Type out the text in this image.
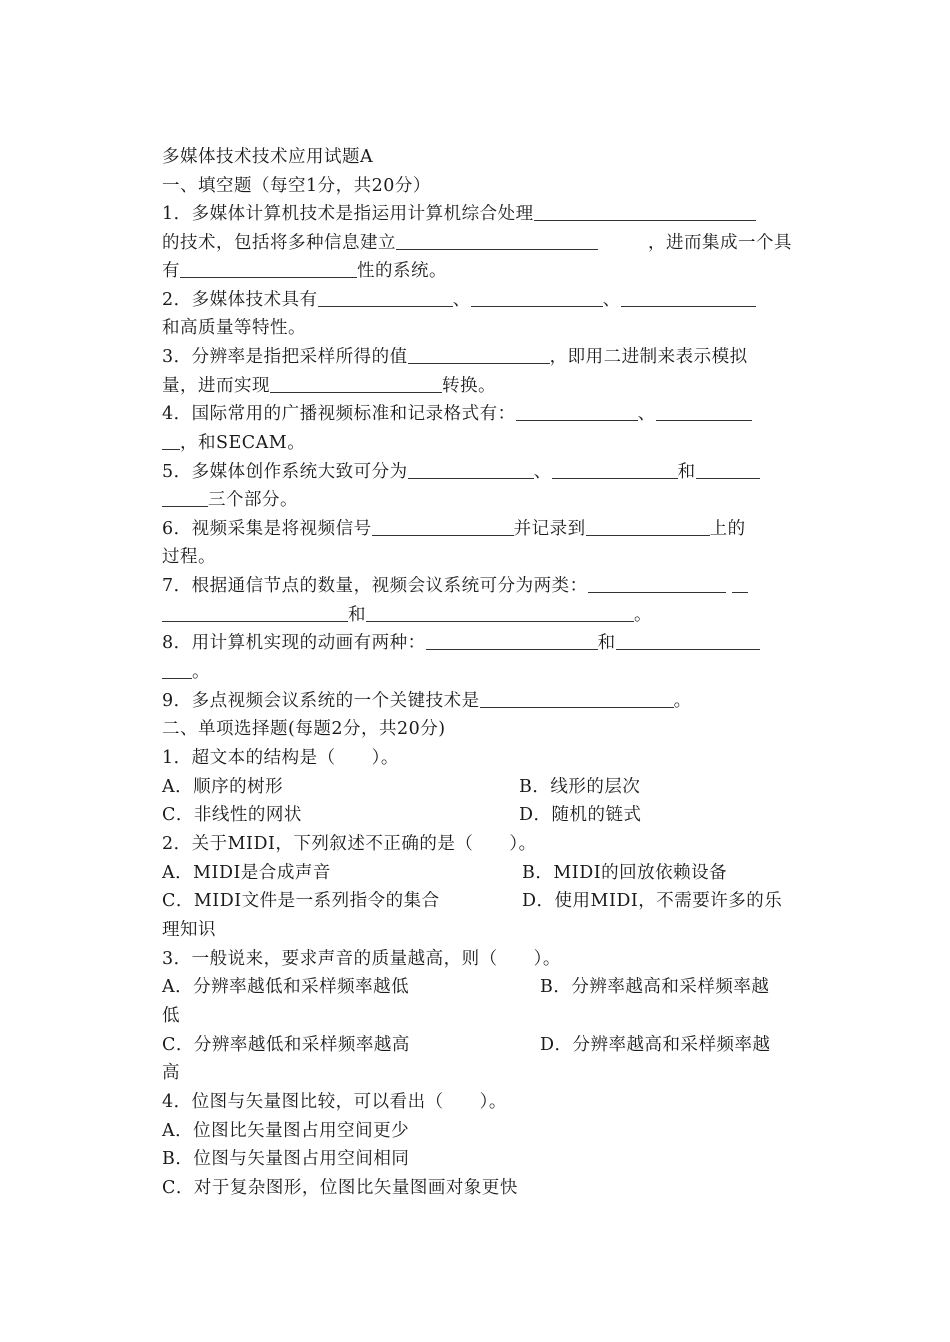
多媒体技术技术应用试题A
一、填空题（每空1分，共20分）
1．多媒体计算机技术是指运用计算机综合处理
的技术，包括将多种信息建立	，进而集成一个具
有	性的系统。
2．多媒体技术具有	、	、
和高质量等特性。
3．分辨率是指把采样所得的值	，即用二进制来表示模拟
量，进而实现	转换。
4．国际常用的广播视频标准和记录格式有：	、
，和SECAM。
5．多媒体创作系统大致可分为	、	和
三个部分。
6．视频采集是将视频信号	并记录到	上的
过程。
7．根据通信节点的数量，视频会议系统可分为两类：
和	。
8．用计算机实现的动画有两种：	和
。
9．多点视频会议系统的一个关键技术是	。
二、单项选择题(每题2分，共20分)
1．超文本的结构是（　　）。
A．顺序的树形	B．线形的层次
C．非线性的网状	D．随机的链式
2．关于MIDI，下列叙述不正确的是（　　）。
A．MIDI是合成声音	B．MIDI的回放依赖设备
C．MIDI文件是一系列指令的集合	D．使用MIDI，不需要许多的乐
理知识
3．一般说来，要求声音的质量越高，则（　　）。
A．分辨率越低和采样频率越低	B．分辨率越高和采样频率越
低
C．分辨率越低和采样频率越高	D．分辨率越高和采样频率越
高
4．位图与矢量图比较，可以看出（　　）。
A．位图比矢量图占用空间更少
B．位图与矢量图占用空间相同
C．对于复杂图形，位图比矢量图画对象更快
